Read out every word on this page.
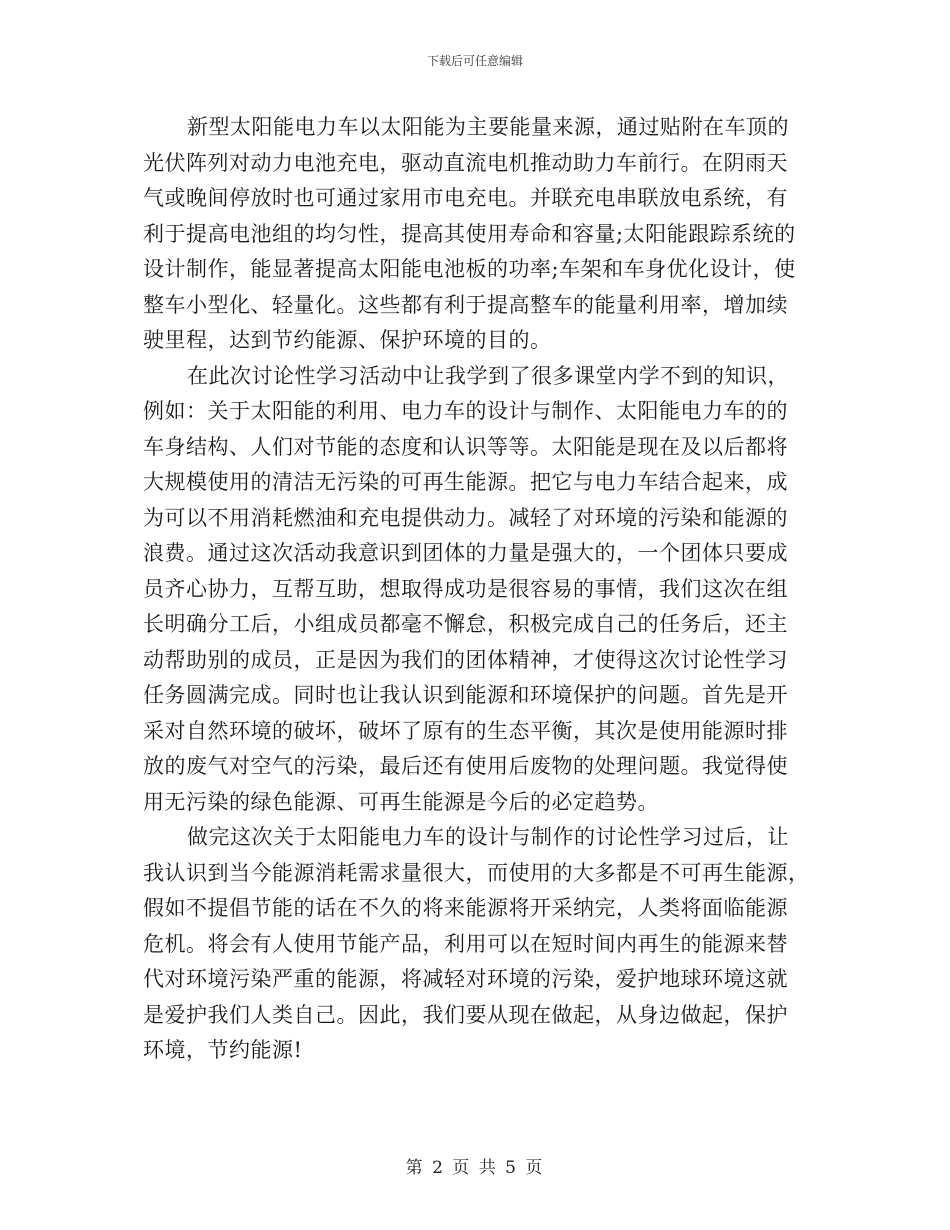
下载后可任意编辑
新型太阳能电力车以太阳能为主要能量来源，通过贴附在车顶的
光伏阵列对动力电池充电，驱动直流电机推动助力车前行。在阴雨天
气或晚间停放时也可通过家用市电充电。并联充电串联放电系统，有
利于提高电池组的均匀性，提高其使用寿命和容量;太阳能跟踪系统的
设计制作，能显著提高太阳能电池板的功率;车架和车身优化设计，使
整车小型化、轻量化。这些都有利于提高整车的能量利用率，增加续
驶里程，达到节约能源、保护环境的目的。
在此次讨论性学习活动中让我学到了很多课堂内学不到的知识，
例如：关于太阳能的利用、电力车的设计与制作、太阳能电力车的的
车身结构、人们对节能的态度和认识等等。太阳能是现在及以后都将
大规模使用的清洁无污染的可再生能源。把它与电力车结合起来，成
为可以不用消耗燃油和充电提供动力。减轻了对环境的污染和能源的
浪费。通过这次活动我意识到团体的力量是强大的，一个团体只要成
员齐心协力，互帮互助，想取得成功是很容易的事情，我们这次在组
长明确分工后，小组成员都毫不懈怠，积极完成自己的任务后，还主
动帮助别的成员，正是因为我们的团体精神，才使得这次讨论性学习
任务圆满完成。同时也让我认识到能源和环境保护的问题。首先是开
采对自然环境的破坏，破坏了原有的生态平衡，其次是使用能源时排
放的废气对空气的污染，最后还有使用后废物的处理问题。我觉得使
用无污染的绿色能源、可再生能源是今后的必定趋势。
做完这次关于太阳能电力车的设计与制作的讨论性学习过后，让
我认识到当今能源消耗需求量很大，而使用的大多都是不可再生能源，
假如不提倡节能的话在不久的将来能源将开采纳完，人类将面临能源
危机。将会有人使用节能产品，利用可以在短时间内再生的能源来替
代对环境污染严重的能源，将减轻对环境的污染，爱护地球环境这就
是爱护我们人类自己。因此，我们要从现在做起，从身边做起，保护
环境，节约能源!
第 2 页 共 5 页
